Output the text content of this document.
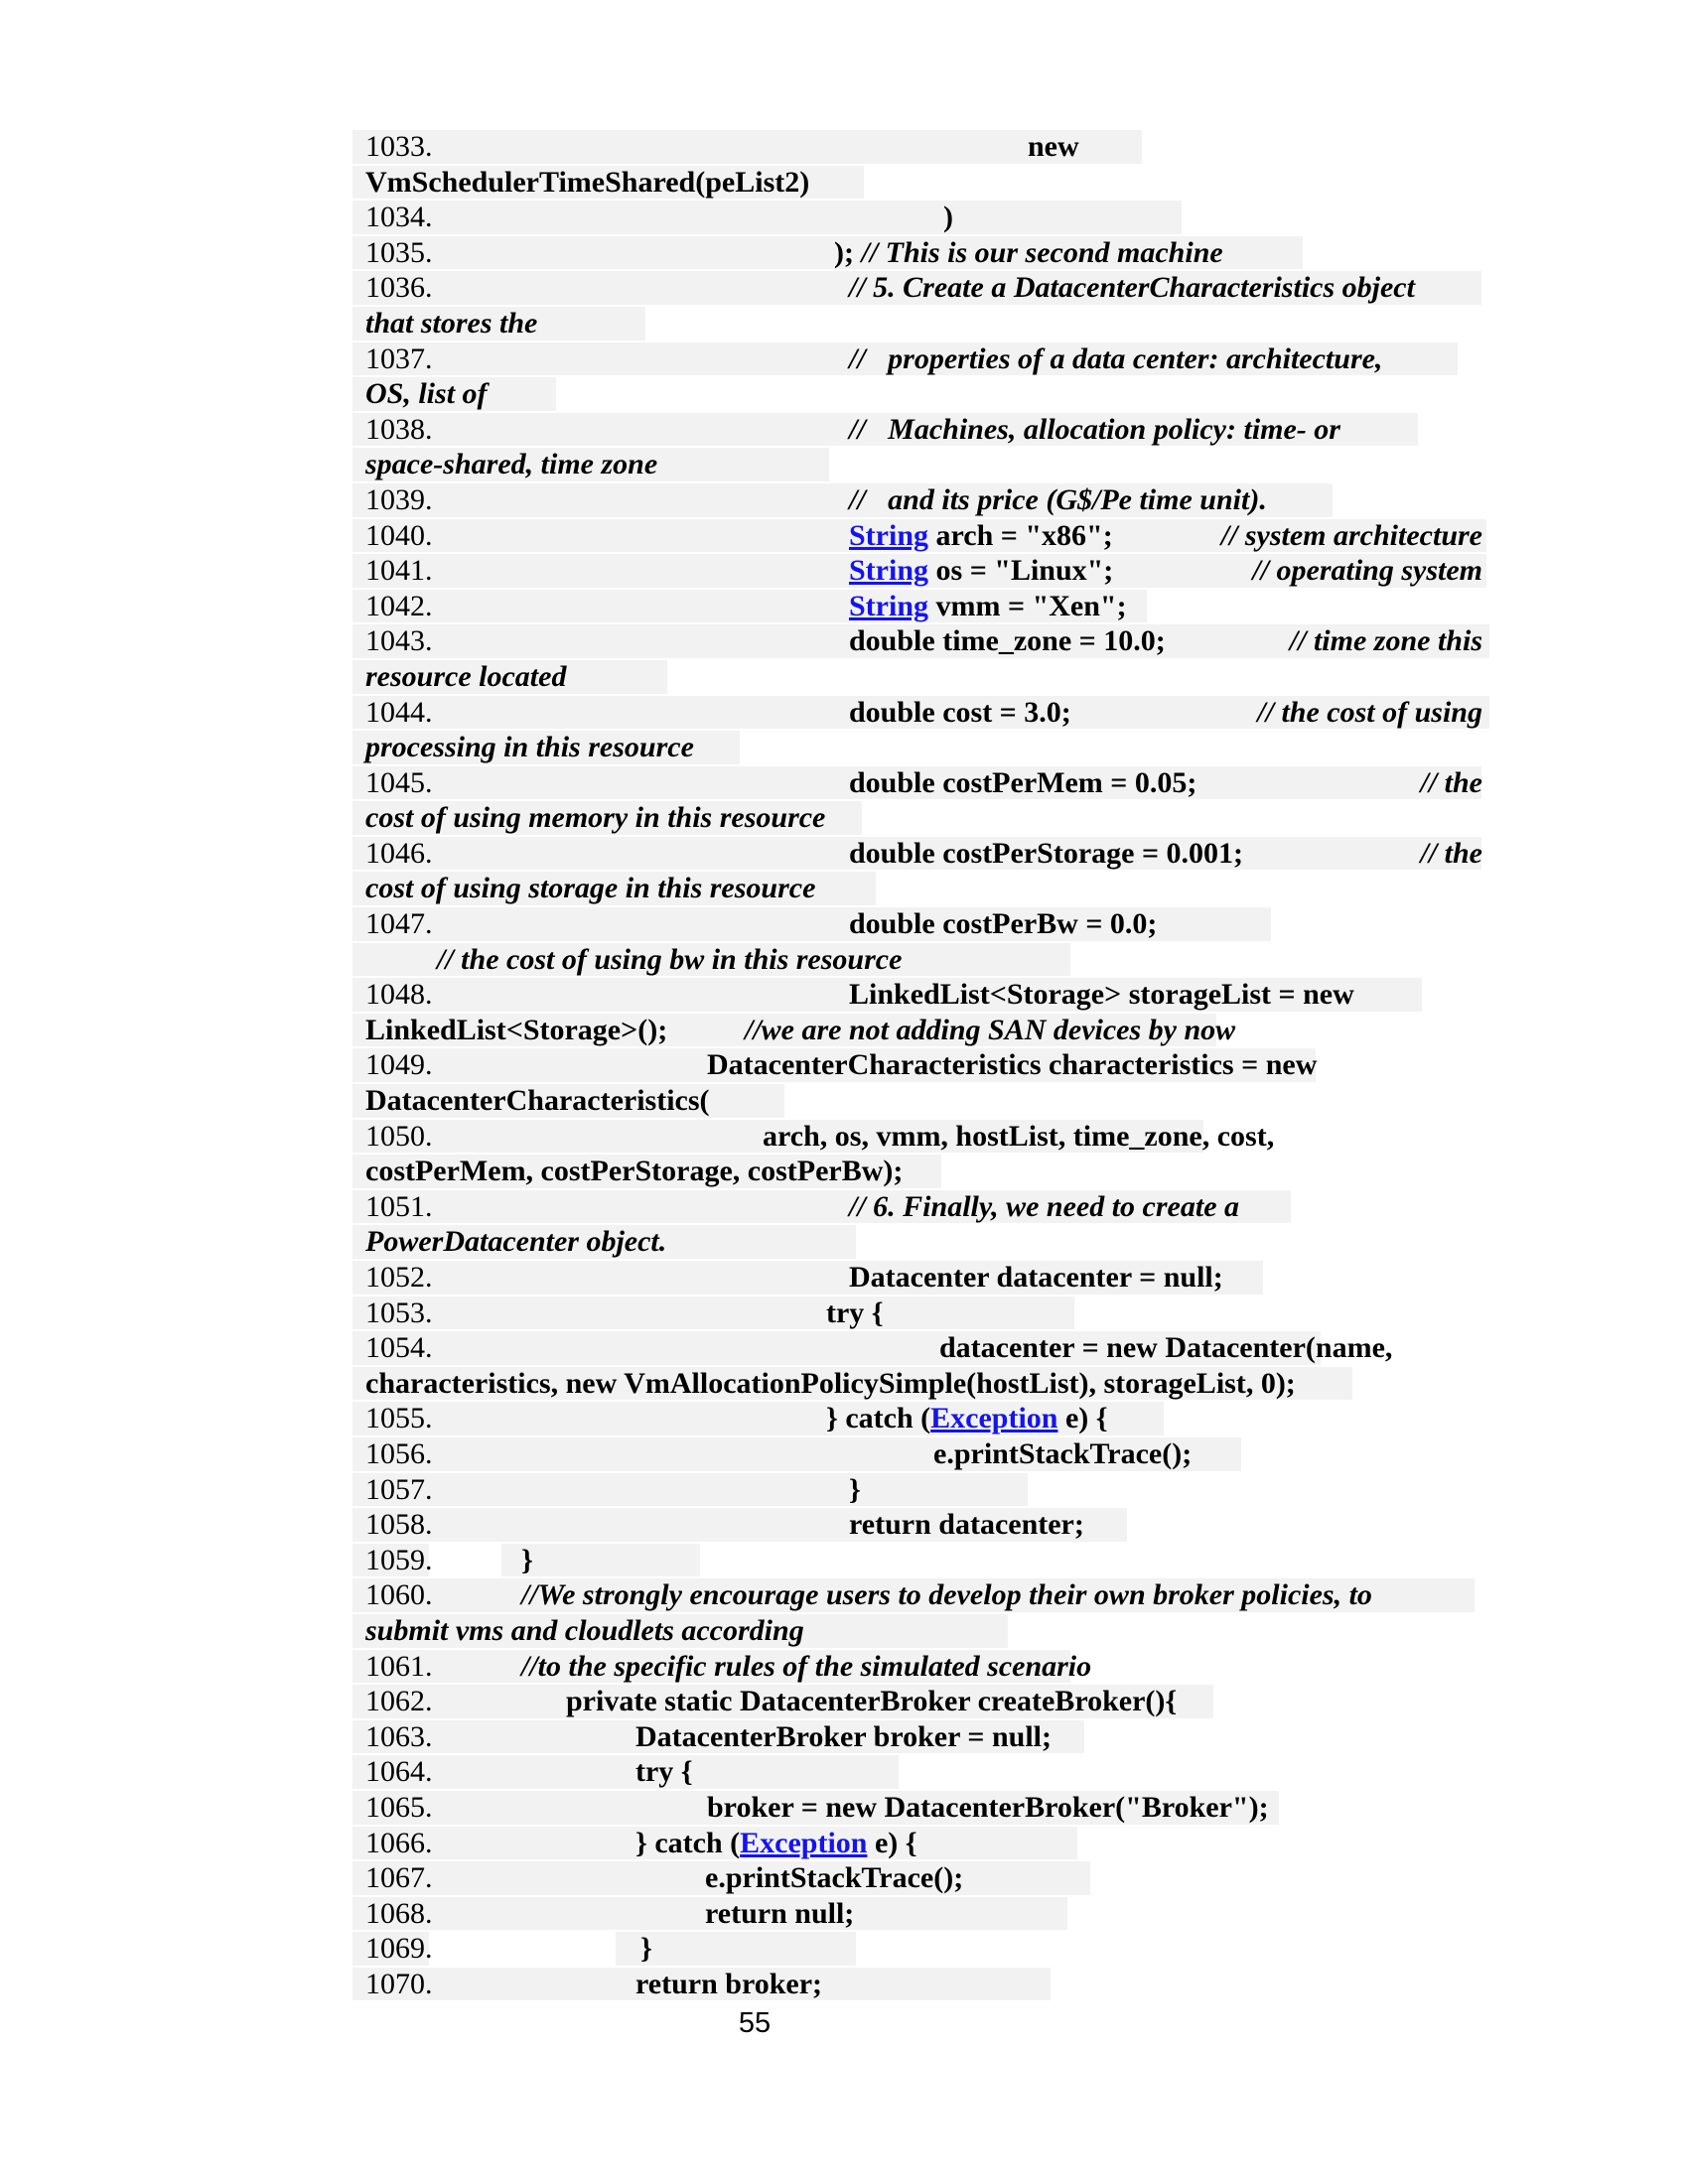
1033.	new
VmSchedulerTimeShared(peList2)
1034.	)
1035.	); // This is our second machine
1036.	// 5. Create a DatacenterCharacteristics object
that stores the
1037.	//   properties of a data center: architecture,
OS, list of
1038.	//   Machines, allocation policy: time- or
space-shared, time zone
1039.	//   and its price (G$/Pe time unit).
1040.	String arch = "x86";	// system architecture
1041.	String os = "Linux";	// operating system
1042.	String vmm = "Xen";
1043.	double time_zone = 10.0;	// time zone this
resource located
1044.	double cost = 3.0;	// the cost of using
processing in this resource
1045.	double costPerMem = 0.05;	// the
cost of using memory in this resource
1046.	double costPerStorage = 0.001;	// the
cost of using storage in this resource
1047.	double costPerBw = 0.0;
// the cost of using bw in this resource
1048.	LinkedList<Storage> storageList = new
LinkedList<Storage>();	//we are not adding SAN devices by now
1049.	DatacenterCharacteristics characteristics = new
DatacenterCharacteristics(
1050.	arch, os, vmm, hostList, time_zone, cost,
costPerMem, costPerStorage, costPerBw);
1051.	// 6. Finally, we need to create a
PowerDatacenter object.
1052.	Datacenter datacenter = null;
1053.	try {
1054.	datacenter = new Datacenter(name,
characteristics, new VmAllocationPolicySimple(hostList), storageList, 0);
1055.	} catch (Exception e) {
1056.	e.printStackTrace();
1057.	}
1058.	return datacenter;
1059.	}
1060.	//We strongly encourage users to develop their own broker policies, to
submit vms and cloudlets according
1061.	//to the specific rules of the simulated scenario
1062.	private static DatacenterBroker createBroker(){
1063.	DatacenterBroker broker = null;
1064.	try {
1065.	broker = new DatacenterBroker("Broker");
1066.	} catch (Exception e) {
1067.	e.printStackTrace();
1068.	return null;
1069.	}
1070.	return broker;
55
